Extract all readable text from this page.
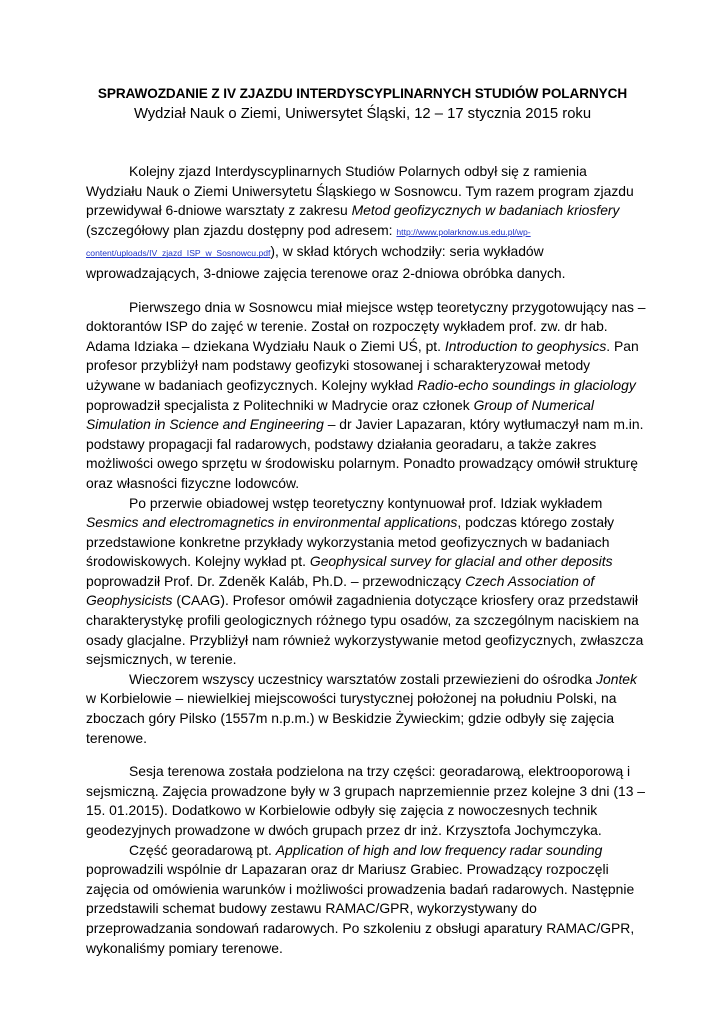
SPRAWOZDANIE Z IV ZJAZDU INTERDYSCYPLINARNYCH STUDIÓW POLARNYCH
Wydział Nauk o Ziemi, Uniwersytet Śląski, 12 – 17 stycznia 2015 roku

Kolejny zjazd Interdyscyplinarnych Studiów Polarnych odbył się z ramienia Wydziału Nauk o Ziemi Uniwersytetu Śląskiego w Sosnowcu. Tym razem program zjazdu przewidywał 6-dniowe warsztaty z zakresu Metod geofizycznych w badaniach kriosfery (szczegółowy plan zjazdu dostępny pod adresem: http://www.polarknow.us.edu.pl/wp-content/uploads/IV_zjazd_ISP_w_Sosnowcu.pdf), w skład których wchodziły: seria wykładów wprowadzających, 3-dniowe zajęcia terenowe oraz 2-dniowa obróbka danych.

Pierwszego dnia w Sosnowcu miał miejsce wstęp teoretyczny przygotowujący nas – doktorantów ISP do zajęć w terenie. Został on rozpoczęty wykładem prof. zw. dr hab. Adama Idziaka – dziekana Wydziału Nauk o Ziemi UŚ, pt. Introduction to geophysics. Pan profesor przybliżył nam podstawy geofizyki stosowanej i scharakteryzował metody używane w badaniach geofizycznych. Kolejny wykład Radio-echo soundings in glaciology poprowadził specjalista z Politechniki w Madrycie oraz członek Group of Numerical Simulation in Science and Engineering – dr Javier Lapazaran, który wytłumaczył nam m.in. podstawy propagacji fal radarowych, podstawy działania georadaru, a także zakres możliwości owego sprzętu w środowisku polarnym. Ponadto prowadzący omówił strukturę oraz własności fizyczne lodowców.

Po przerwie obiadowej wstęp teoretyczny kontynuował prof. Idziak wykładem Sesmics and electromagnetics in environmental applications, podczas którego zostały przedstawione konkretne przykłady wykorzystania metod geofizycznych w badaniach środowiskowych. Kolejny wykład pt. Geophysical survey for glacial and other deposits poprowadził Prof. Dr. Zdeněk Kaláb, Ph.D. – przewodniczący Czech Association of Geophysicists (CAAG). Profesor omówił zagadnienia dotyczące kriosfery oraz przedstawił charakterystykę profili geologicznych różnego typu osadów, za szczególnym naciskiem na osady glacjalne. Przybliżył nam również wykorzystywanie metod geofizycznych, zwłaszcza sejsmicznych, w terenie.

Wieczorem wszyscy uczestnicy warsztatów zostali przewiezieni do ośrodka Jontek w Korbielowie – niewielkiej miejscowości turystycznej położonej na południu Polski, na zboczach góry Pilsko (1557m n.p.m.) w Beskidzie Żywieckim; gdzie odbyły się zajęcia terenowe.

Sesja terenowa została podzielona na trzy części: georadarową, elektrooporową i sejsmiczną. Zajęcia prowadzone były w 3 grupach naprzemiennie przez kolejne 3 dni (13 – 15. 01.2015). Dodatkowo w Korbielowie odbyły się zajęcia z nowoczesnych technik geodezyjnych prowadzone w dwóch grupach przez dr inż. Krzysztofa Jochymczyka.

Część georadarową pt. Application of high and low frequency radar sounding poprowadzili wspólnie dr Lapazaran oraz dr Mariusz Grabiec. Prowadzący rozpoczęli zajęcia od omówienia warunków i możliwości prowadzenia badań radarowych. Następnie przedstawili schemat budowy zestawu RAMAC/GPR, wykorzystywany do przeprowadzania sondowań radarowych. Po szkoleniu z obsługi aparatury RAMAC/GPR, wykonaliśmy pomiary terenowe.
